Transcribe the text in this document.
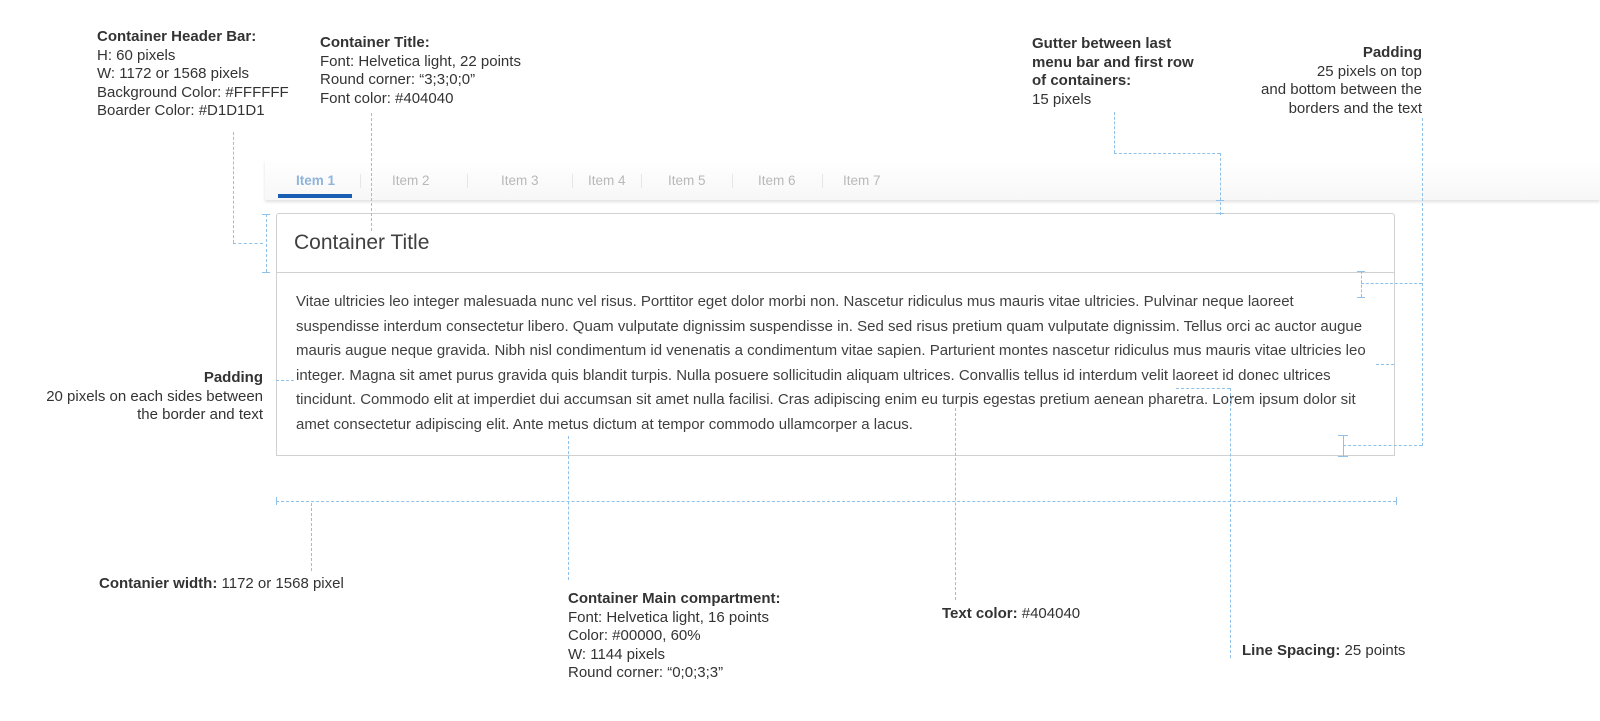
Container Header Bar:
H: 60 pixels
W: 1172 or 1568 pixels
Background Color: #FFFFFF
Boarder Color: #D1D1D1
Container Title:
Font: Helvetica light, 22 points
Round corner: “3;3;0;0”
Font color: #404040
Gutter between last
menu bar and first row
of containers:
15 pixels
Padding
25 pixels on top
and bottom between the
borders and the text
Padding
20 pixels on each sides between
the border and text
Contanier width: 1172 or 1568 pixel
Container Main compartment:
Font: Helvetica light, 16 points
Color: #00000, 60%
W: 1144 pixels
Round corner: “0;0;3;3”
Text color: #404040
Line Spacing: 25 points
Item 1	Item 2	Item 3	Item 4	Item 5	Item 6	Item 7
Container Title
Vitae ultricies leo integer malesuada nunc vel risus. Porttitor eget dolor morbi non. Nascetur ridiculus mus mauris vitae ultricies. Pulvinar neque laoreet suspendisse interdum consectetur libero. Quam vulputate dignissim suspendisse in. Sed sed risus pretium quam vulputate dignissim. Tellus orci ac auctor augue mauris augue neque gravida. Nibh nisl condimentum id venenatis a condimentum vitae sapien. Parturient montes nascetur ridiculus mus mauris vitae ultricies leo integer. Magna sit amet purus gravida quis blandit turpis. Nulla posuere sollicitudin aliquam ultrices. Convallis tellus id interdum velit laoreet id donec ultrices tincidunt. Commodo elit at imperdiet dui accumsan sit amet nulla facilisi. Cras adipiscing enim eu turpis egestas pretium aenean pharetra. Lorem ipsum dolor sit amet consectetur adipiscing elit. Ante metus dictum at tempor commodo ullamcorper a lacus.
